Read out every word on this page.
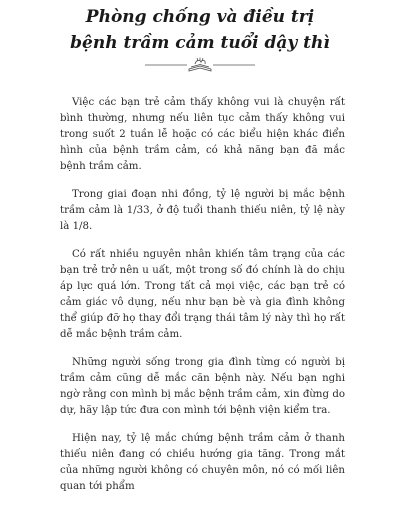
Phòng chống và điều trị
bệnh trầm cảm tuổi dậy thì

Việc các bạn trẻ cảm thấy không vui là chuyện rất bình thường, nhưng nếu liên tục cảm thấy không vui trong suốt 2 tuần lễ hoặc có các biểu hiện khác điển hình của bệnh trầm cảm, có khả năng bạn đã mắc bệnh trầm cảm.

Trong giai đoạn nhi đồng, tỷ lệ người bị mắc bệnh trầm cảm là 1/33, ở độ tuổi thanh thiếu niên, tỷ lệ này là 1/8.

Có rất nhiều nguyên nhân khiến tâm trạng của các bạn trẻ trở nên u uất, một trong số đó chính là do chịu áp lực quá lớn. Trong tất cả mọi việc, các bạn trẻ có cảm giác vô dụng, nếu như bạn bè và gia đình không thể giúp đỡ họ thay đổi trạng thái tâm lý này thì họ rất dễ mắc bệnh trầm cảm.

Những người sống trong gia đình từng có người bị trầm cảm cũng dễ mắc căn bệnh này. Nếu bạn nghi ngờ rằng con mình bị mắc bệnh trầm cảm, xin đừng do dự, hãy lập tức đưa con mình tới bệnh viện kiểm tra.

Hiện nay, tỷ lệ mắc chứng bệnh trầm cảm ở thanh thiếu niên đang có chiều hướng gia tăng. Trong mắt của những người không có chuyên môn, nó có mối liên quan tới phẩm
